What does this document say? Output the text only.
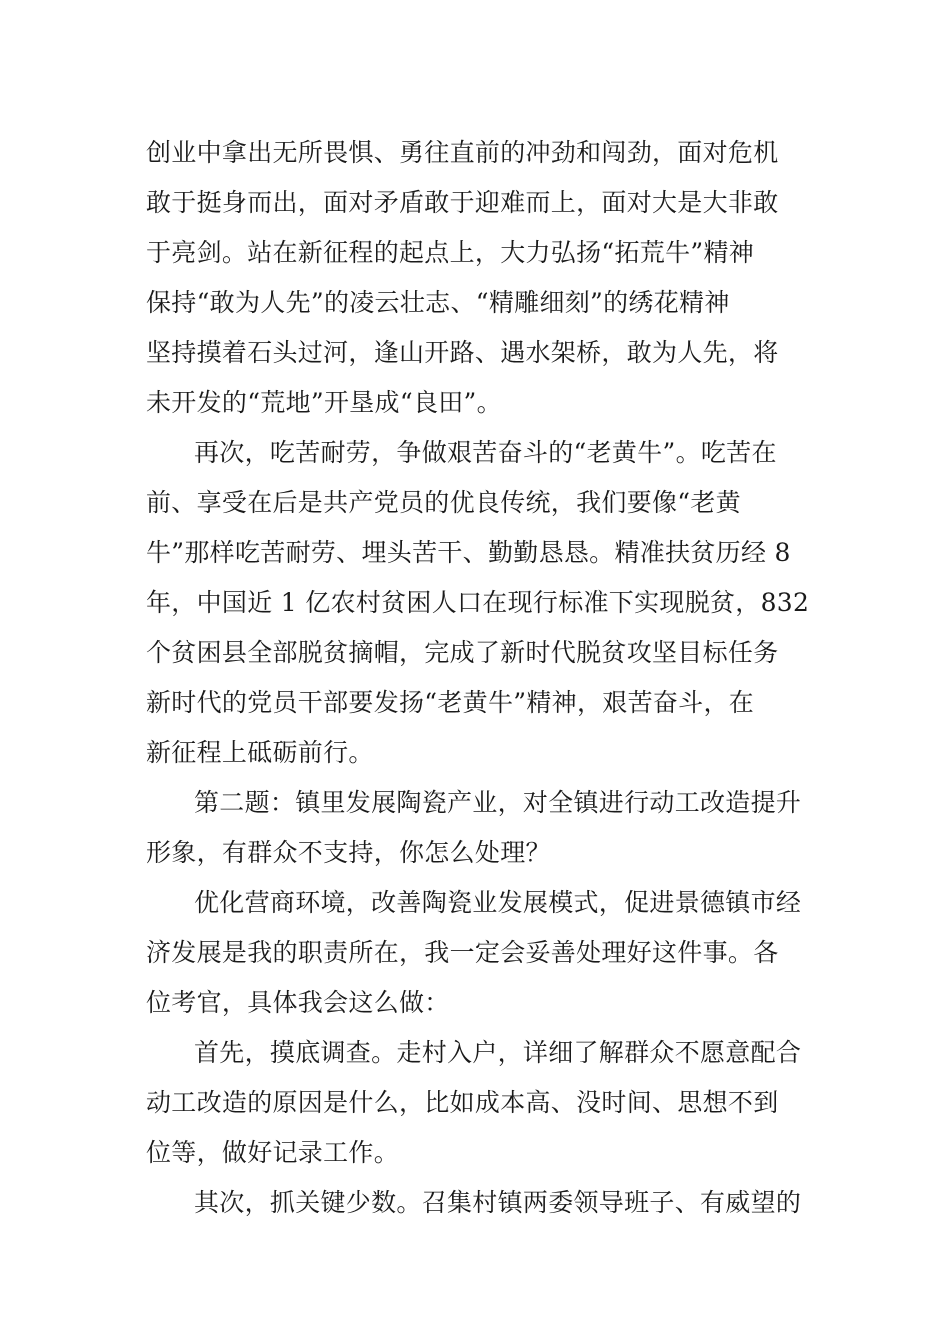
创业中拿出无所畏惧、勇往直前的冲劲和闯劲，面对危机
敢于挺身而出，面对矛盾敢于迎难而上，面对大是大非敢
于亮剑。站在新征程的起点上，大力弘扬“拓荒牛”精神
保持“敢为人先”的凌云壮志、“精雕细刻”的绣花精神
坚持摸着石头过河，逢山开路、遇水架桥，敢为人先，将
未开发的“荒地”开垦成“良田”。
再次，吃苦耐劳，争做艰苦奋斗的“老黄牛”。吃苦在
前、享受在后是共产党员的优良传统，我们要像“老黄
牛”那样吃苦耐劳、埋头苦干、勤勤恳恳。精准扶贫历经 8
年，中国近 1 亿农村贫困人口在现行标准下实现脱贫，832
个贫困县全部脱贫摘帽，完成了新时代脱贫攻坚目标任务
新时代的党员干部要发扬“老黄牛”精神，艰苦奋斗，在
新征程上砥砺前行。
第二题：镇里发展陶瓷产业，对全镇进行动工改造提升
形象，有群众不支持，你怎么处理？
优化营商环境，改善陶瓷业发展模式，促进景德镇市经
济发展是我的职责所在，我一定会妥善处理好这件事。各
位考官，具体我会这么做：
首先，摸底调查。走村入户，详细了解群众不愿意配合
动工改造的原因是什么，比如成本高、没时间、思想不到
位等，做好记录工作。
其次，抓关键少数。召集村镇两委领导班子、有威望的
